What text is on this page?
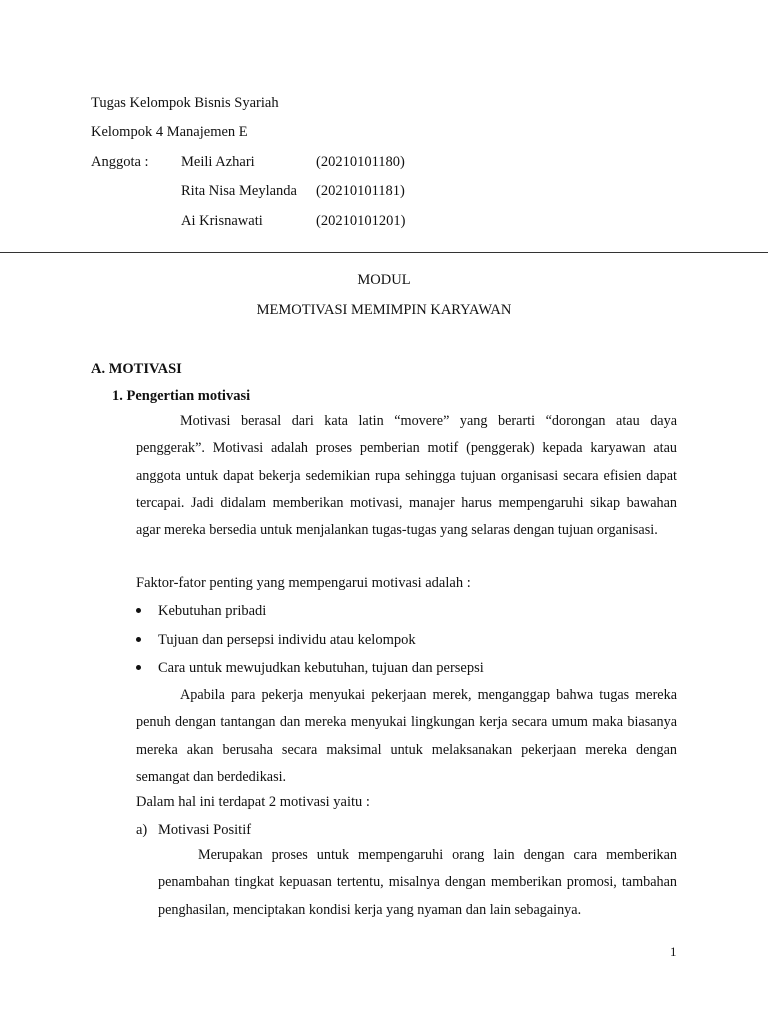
Tugas Kelompok Bisnis Syariah
Kelompok 4 Manajemen E
Anggota : Meili Azhari	(20210101180)
Rita Nisa Meylanda (20210101181)
Ai Krisnawati	(20210101201)
MODUL
MEMOTIVASI MEMIMPIN KARYAWAN
A. MOTIVASI
1. Pengertian motivasi

Motivasi berasal dari kata latin “movere” yang berarti “dorongan atau daya penggerak”. Motivasi adalah proses pemberian motif (penggerak) kepada karyawan atau anggota untuk dapat bekerja sedemikian rupa sehingga tujuan organisasi secara efisien dapat tercapai. Jadi didalam memberikan motivasi, manajer harus mempengaruhi sikap bawahan agar mereka bersedia untuk menjalankan tugas-tugas yang selaras dengan tujuan organisasi.

Faktor-fator penting yang mempengarui motivasi adalah :
Kebutuhan pribadi
Tujuan dan persepsi individu atau kelompok
Cara untuk mewujudkan kebutuhan, tujuan dan persepsi

Apabila para pekerja menyukai pekerjaan merek, menganggap bahwa tugas mereka penuh dengan tantangan dan mereka menyukai lingkungan kerja secara umum maka biasanya mereka akan berusaha secara maksimal untuk melaksanakan pekerjaan mereka dengan semangat dan berdedikasi.

Dalam hal ini terdapat 2 motivasi yaitu :
a) Motivasi Positif

Merupakan proses untuk mempengaruhi orang lain dengan cara memberikan penambahan tingkat kepuasan tertentu, misalnya dengan memberikan promosi, tambahan penghasilan, menciptakan kondisi kerja yang nyaman dan lain sebagainya.

1
